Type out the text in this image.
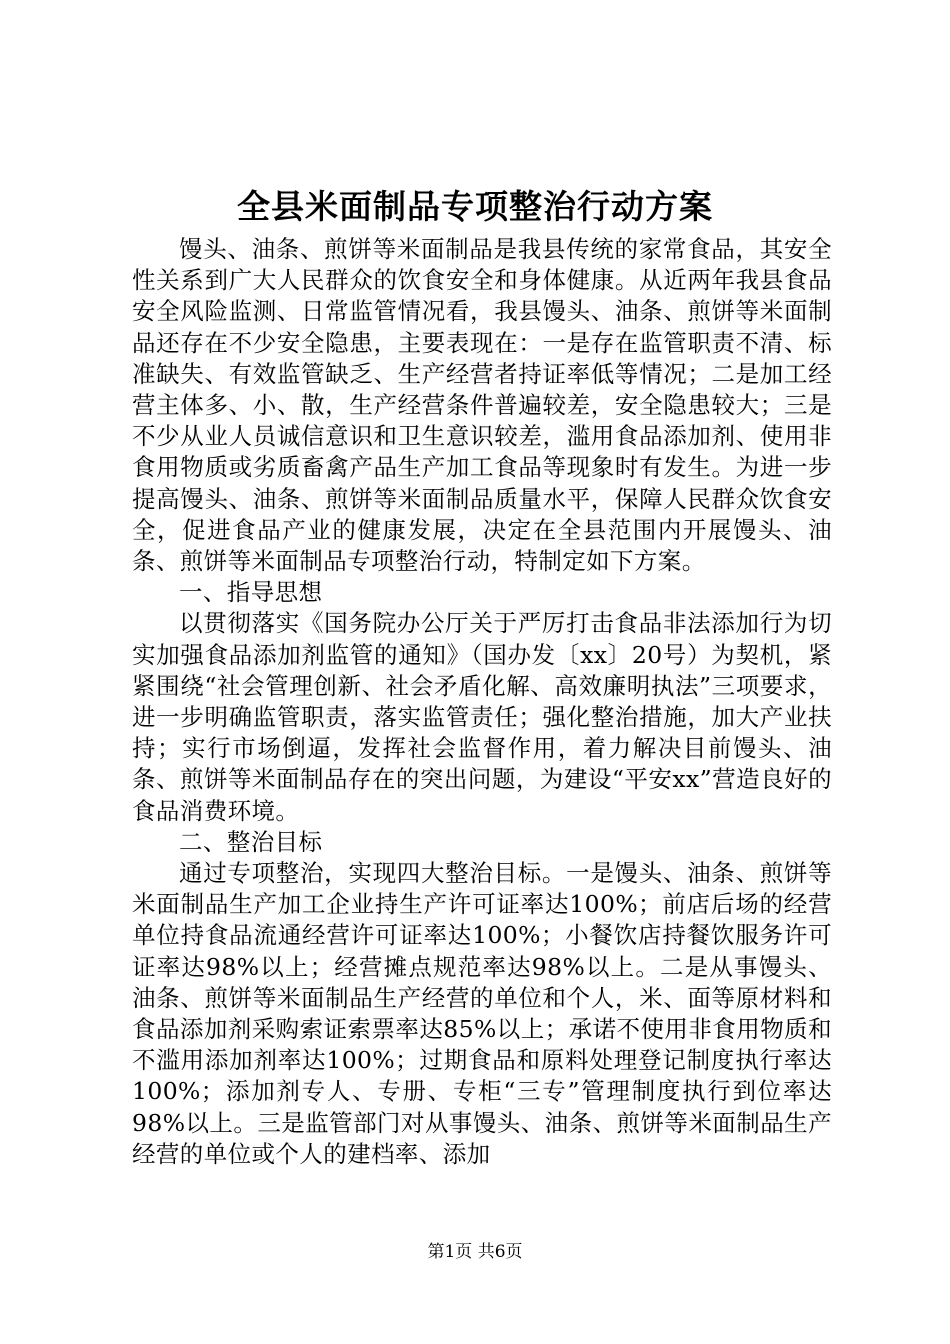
全县米面制品专项整治行动方案

馒头、油条、煎饼等米面制品是我县传统的家常食品，其安全性关系到广大人民群众的饮食安全和身体健康。从近两年我县食品安全风险监测、日常监管情况看，我县馒头、油条、煎饼等米面制品还存在不少安全隐患，主要表现在：一是存在监管职责不清、标准缺失、有效监管缺乏、生产经营者持证率低等情况；二是加工经营主体多、小、散，生产经营条件普遍较差，安全隐患较大；三是不少从业人员诚信意识和卫生意识较差，滥用食品添加剂、使用非食用物质或劣质畜禽产品生产加工食品等现象时有发生。为进一步提高馒头、油条、煎饼等米面制品质量水平，保障人民群众饮食安全，促进食品产业的健康发展，决定在全县范围内开展馒头、油条、煎饼等米面制品专项整治行动，特制定如下方案。

一、指导思想

以贯彻落实《国务院办公厅关于严厉打击食品非法添加行为切实加强食品添加剂监管的通知》（国办发〔xx〕20号）为契机，紧紧围绕“社会管理创新、社会矛盾化解、高效廉明执法”三项要求，进一步明确监管职责，落实监管责任；强化整治措施，加大产业扶持；实行市场倒逼，发挥社会监督作用，着力解决目前馒头、油条、煎饼等米面制品存在的突出问题，为建设“平安xx”营造良好的食品消费环境。

二、整治目标

通过专项整治，实现四大整治目标。一是馒头、油条、煎饼等米面制品生产加工企业持生产许可证率达100%；前店后场的经营单位持食品流通经营许可证率达100%；小餐饮店持餐饮服务许可证率达98%以上；经营摊点规范率达98%以上。二是从事馒头、油条、煎饼等米面制品生产经营的单位和个人，米、面等原材料和食品添加剂采购索证索票率达85%以上；承诺不使用非食用物质和不滥用添加剂率达100%；过期食品和原料处理登记制度执行率达100%；添加剂专人、专册、专柜“三专”管理制度执行到位率达98%以上。三是监管部门对从事馒头、油条、煎饼等米面制品生产经营的单位或个人的建档率、添加

第1页 共6页
